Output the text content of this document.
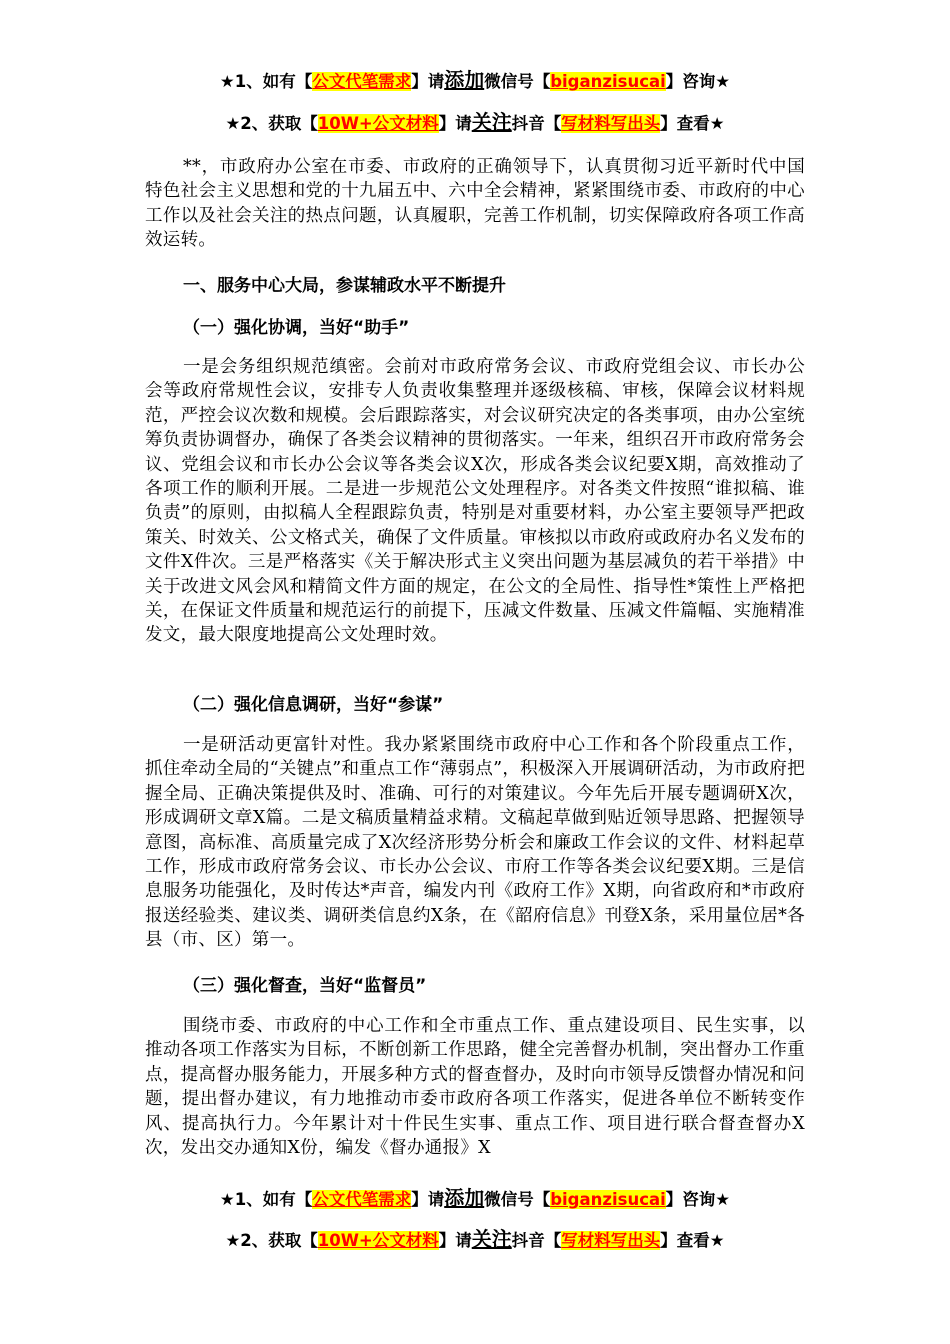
★1、如有【公文代笔需求】请添加微信号【biganzisucai】咨询★
★2、获取【10W+公文材料】请关注抖音【写材料写出头】查看★

**，市政府办公室在市委、市政府的正确领导下，认真贯彻习近平新时代中国特色社会主义思想和党的十九届五中、六中全会精神，紧紧围绕市委、市政府的中心工作以及社会关注的热点问题，认真履职，完善工作机制，切实保障政府各项工作高效运转。

一、服务中心大局，参谋辅政水平不断提升
（一）强化协调，当好“助手”

一是会务组织规范缜密。会前对市政府常务会议、市政府党组会议、市长办公会等政府常规性会议，安排专人负责收集整理并逐级核稿、审核，保障会议材料规范，严控会议次数和规模。会后跟踪落实，对会议研究决定的各类事项，由办公室统筹负责协调督办，确保了各类会议精神的贯彻落实。一年来，组织召开市政府常务会议、党组会议和市长办公会议等各类会议X次，形成各类会议纪要X期，高效推动了各项工作的顺利开展。二是进一步规范公文处理程序。对各类文件按照“谁拟稿、谁负责”的原则，由拟稿人全程跟踪负责，特别是对重要材料，办公室主要领导严把政策关、时效关、公文格式关，确保了文件质量。审核拟以市政府或政府办名义发布的文件X件次。三是严格落实《关于解决形式主义突出问题为基层减负的若干举措》中关于改进文风会风和精简文件方面的规定，在公文的全局性、指导性*策性上严格把关，在保证文件质量和规范运行的前提下，压减文件数量、压减文件篇幅、实施精准发文，最大限度地提高公文处理时效。

（二）强化信息调研，当好“参谋”

一是研活动更富针对性。我办紧紧围绕市政府中心工作和各个阶段重点工作，抓住牵动全局的“关键点”和重点工作“薄弱点”，积极深入开展调研活动，为市政府把握全局、正确决策提供及时、准确、可行的对策建议。今年先后开展专题调研X次，形成调研文章X篇。二是文稿质量精益求精。文稿起草做到贴近领导思路、把握领导意图，高标准、高质量完成了X次经济形势分析会和廉政工作会议的文件、材料起草工作，形成市政府常务会议、市长办公会议、市府工作等各类会议纪要X期。三是信息服务功能强化，及时传达*声音，编发内刊《政府工作》X期，向省政府和*市政府报送经验类、建议类、调研类信息约X条，在《韶府信息》刊登X条，采用量位居*各县（市、区）第一。

（三）强化督查，当好“监督员”

围绕市委、市政府的中心工作和全市重点工作、重点建设项目、民生实事，以推动各项工作落实为目标，不断创新工作思路，健全完善督办机制，突出督办工作重点，提高督办服务能力，开展多种方式的督查督办，及时向市领导反馈督办情况和问题，提出督办建议，有力地推动市委市政府各项工作落实，促进各单位不断转变作风、提高执行力。今年累计对十件民生实事、重点工作、项目进行联合督查督办X次，发出交办通知X份，编发《督办通报》X

★1、如有【公文代笔需求】请添加微信号【biganzisucai】咨询★
★2、获取【10W+公文材料】请关注抖音【写材料写出头】查看★
